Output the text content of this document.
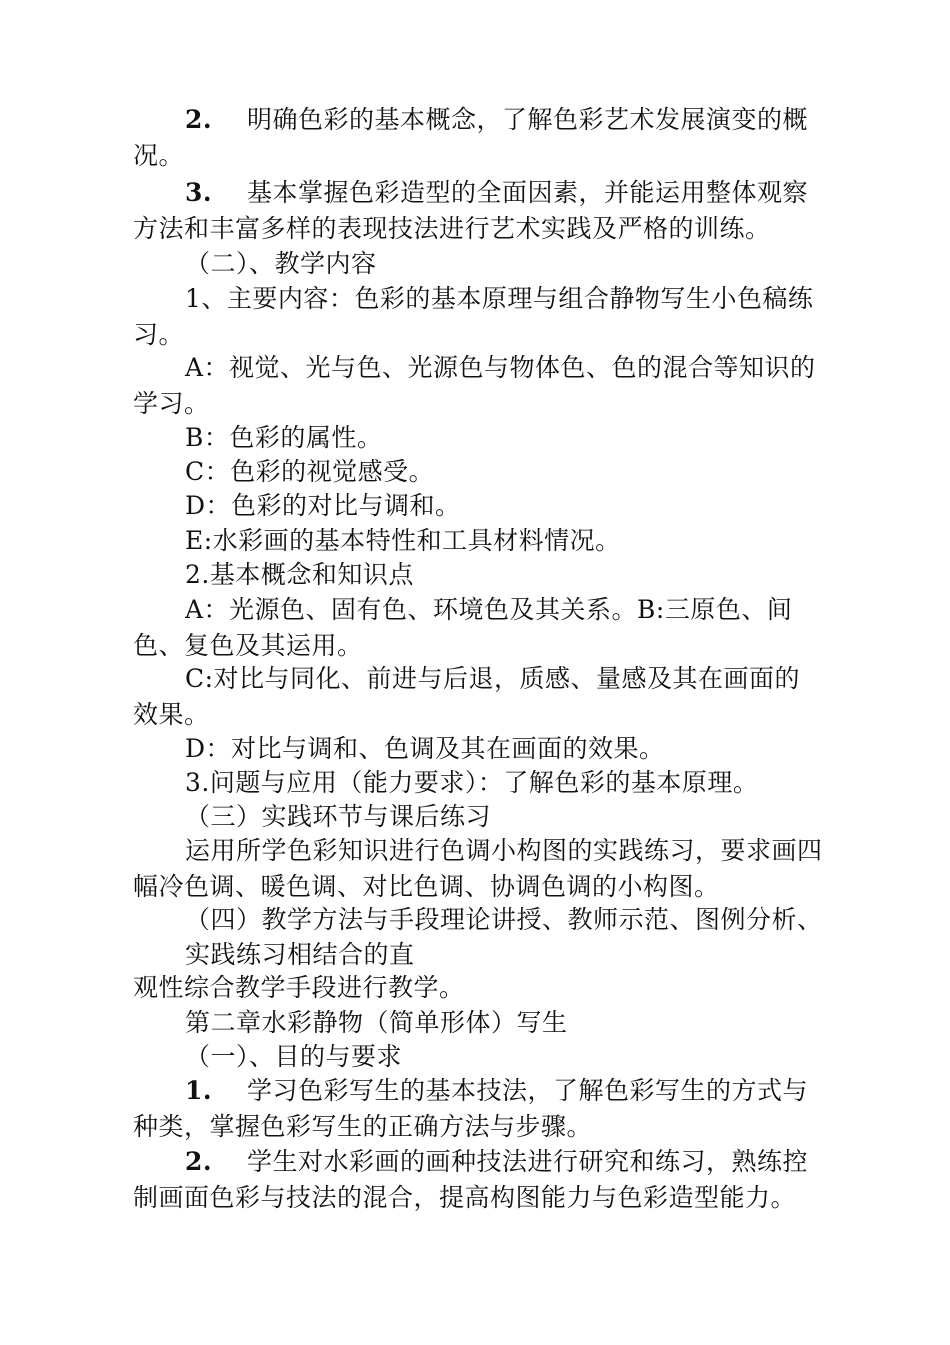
2. 明确色彩的基本概念，了解色彩艺术发展演变的概况。

3. 基本掌握色彩造型的全面因素，并能运用整体观察方法和丰富多样的表现技法进行艺术实践及严格的训练。

（二）、教学内容

1、主要内容：色彩的基本原理与组合静物写生小色稿练习。

A：视觉、光与色、光源色与物体色、色的混合等知识的学习。

B：色彩的属性。

C：色彩的视觉感受。

D：色彩的对比与调和。

E:水彩画的基本特性和工具材料情况。

2.基本概念和知识点

A：光源色、固有色、环境色及其关系。B:三原色、间色、复色及其运用。

C:对比与同化、前进与后退，质感、量感及其在画面的效果。

D：对比与调和、色调及其在画面的效果。

3.问题与应用（能力要求）：了解色彩的基本原理。

（三）实践环节与课后练习

运用所学色彩知识进行色调小构图的实践练习，要求画四幅冷色调、暖色调、对比色调、协调色调的小构图。

（四）教学方法与手段理论讲授、教师示范、图例分析、

实践练习相结合的直

观性综合教学手段进行教学。

第二章水彩静物（简单形体）写生

（一）、目的与要求

1. 学习色彩写生的基本技法，了解色彩写生的方式与种类，掌握色彩写生的正确方法与步骤。

2. 学生对水彩画的画种技法进行研究和练习，熟练控制画面色彩与技法的混合，提高构图能力与色彩造型能力。
